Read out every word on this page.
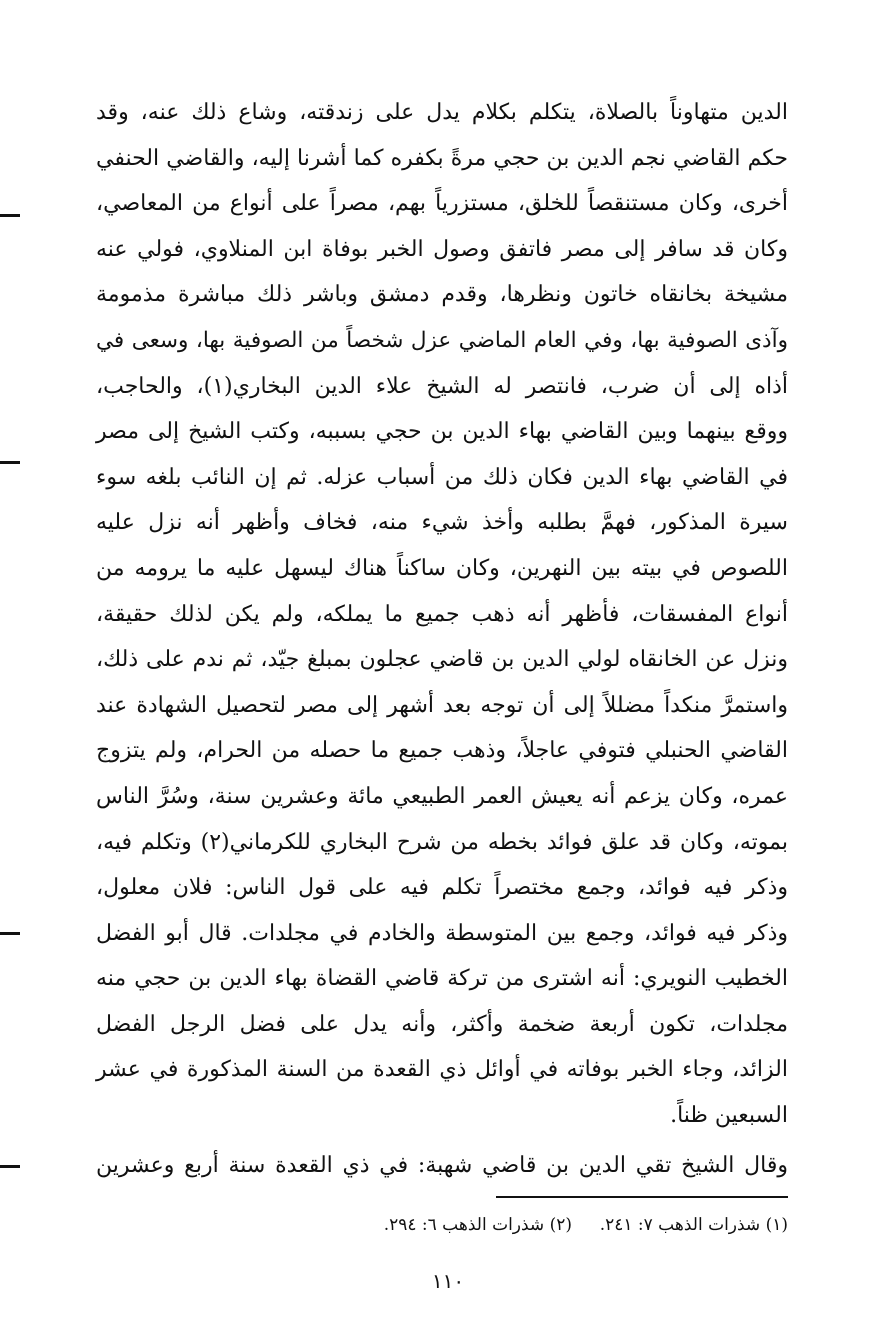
الدين متهاوناً بالصلاة، يتكلم بكلام يدل على زندقته، وشاع ذلك عنه، وقد
حكم القاضي نجم الدين بن حجي مرةً بكفره كما أشرنا إليه، والقاضي الحنفي
أخرى، وكان مستنقصاً للخلق، مستزرياً بهم، مصراً على أنواع من المعاصي،
وكان قد سافر إلى مصر فاتفق وصول الخبر بوفاة ابن المنلاوي، فولي عنه
مشيخة بخانقاه خاتون ونظرها، وقدم دمشق وباشر ذلك مباشرة مذمومة
وآذى الصوفية بها، وفي العام الماضي عزل شخصاً من الصوفية بها، وسعى في
أذاه إلى أن ضرب، فانتصر له الشيخ علاء الدين البخاري(١)، والحاجب،
ووقع بينهما وبين القاضي بهاء الدين بن حجي بسببه، وكتب الشيخ إلى مصر
في القاضي بهاء الدين فكان ذلك من أسباب عزله. ثم إن النائب بلغه سوء
سيرة المذكور، فهمَّ بطلبه وأخذ شيء منه، فخاف وأظهر أنه نزل عليه
اللصوص في بيته بين النهرين، وكان ساكناً هناك ليسهل عليه ما يرومه من
أنواع المفسقات، فأظهر أنه ذهب جميع ما يملكه، ولم يكن لذلك حقيقة،
ونزل عن الخانقاه لولي الدين بن قاضي عجلون بمبلغ جيّد، ثم ندم على ذلك،
واستمرَّ منكداً مضللاً إلى أن توجه بعد أشهر إلى مصر لتحصيل الشهادة عند
القاضي الحنبلي فتوفي عاجلاً، وذهب جميع ما حصله من الحرام، ولم يتزوج
عمره، وكان يزعم أنه يعيش العمر الطبيعي مائة وعشرين سنة، وسُرَّ الناس
بموته، وكان قد علق فوائد بخطه من شرح البخاري للكرماني(٢) وتكلم فيه،
وذكر فيه فوائد، وجمع مختصراً تكلم فيه على قول الناس: فلان معلول،
وذكر فيه فوائد، وجمع بين المتوسطة والخادم في مجلدات. قال أبو الفضل
الخطيب النويري: أنه اشترى من تركة قاضي القضاة بهاء الدين بن حجي منه
مجلدات، تكون أربعة ضخمة وأكثر، وأنه يدل على فضل الرجل الفضل
الزائد، وجاء الخبر بوفاته في أوائل ذي القعدة من السنة المذكورة في عشر
السبعين ظناً.
وقال الشيخ تقي الدين بن قاضي شهبة: في ذي القعدة سنة أربع وعشرين
(١) شذرات الذهب ٧: ٢٤١.
(٢) شذرات الذهب ٦: ٢٩٤.
١١٠
